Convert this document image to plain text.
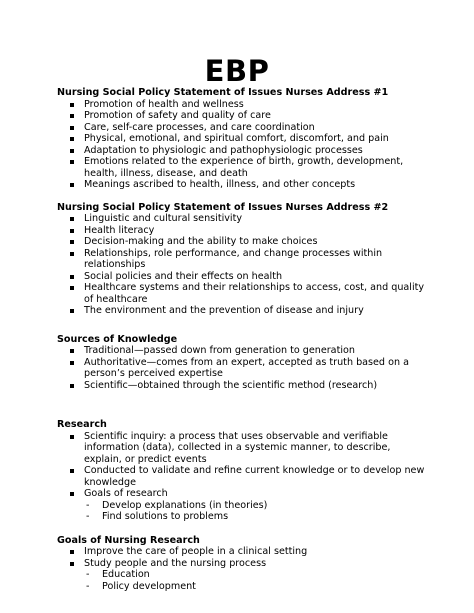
EBP
Nursing Social Policy Statement of Issues Nurses Address #1
Promotion of health and wellness
Promotion of safety and quality of care
Care, self-care processes, and care coordination
Physical, emotional, and spiritual comfort, discomfort, and pain
Adaptation to physiologic and pathophysiologic processes
Emotions related to the experience of birth, growth, development, health, illness, disease, and death
Meanings ascribed to health, illness, and other concepts
Nursing Social Policy Statement of Issues Nurses Address #2
Linguistic and cultural sensitivity
Health literacy
Decision-making and the ability to make choices
Relationships, role performance, and change processes within relationships
Social policies and their effects on health
Healthcare systems and their relationships to access, cost, and quality of healthcare
The environment and the prevention of disease and injury
Sources of Knowledge
Traditional—passed down from generation to generation
Authoritative—comes from an expert, accepted as truth based on a person’s perceived expertise
Scientific—obtained through the scientific method (research)
Research
Scientific inquiry: a process that uses observable and verifiable information (data), collected in a systemic manner, to describe, explain, or predict events
Conducted to validate and refine current knowledge or to develop new knowledge
Goals of research
Develop explanations (in theories)
Find solutions to problems
Goals of Nursing Research
Improve the care of people in a clinical setting
Study people and the nursing process
Education
Policy development
